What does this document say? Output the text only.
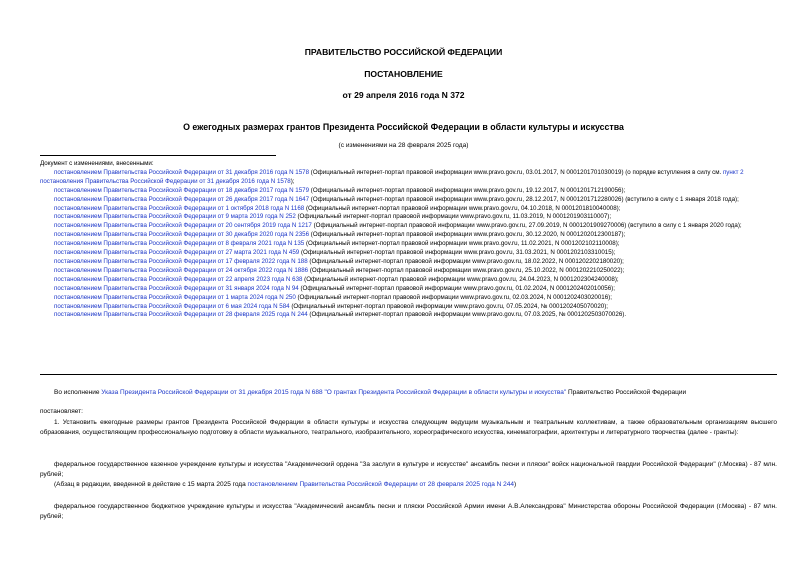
ПРАВИТЕЛЬСТВО РОССИЙСКОЙ ФЕДЕРАЦИИ
ПОСТАНОВЛЕНИЕ
от 29 апреля 2016 года N 372
О ежегодных размерах грантов Президента Российской Федерации в области культуры и искусства
(с изменениями на 28 февраля 2025 года)
Документ с изменениями, внесенными:
постановлением Правительства Российской Федерации от 31 декабря 2016 года N 1578 (Официальный интернет-портал правовой информации www.pravo.gov.ru, 03.01.2017, N 0001201701030019) (о порядке вступления в силу см. пункт 2 постановления Правительства Российской Федерации от 31 декабря 2016 года N 1578);
постановлением Правительства Российской Федерации от 18 декабря 2017 года N 1579 (Официальный интернет-портал правовой информации www.pravo.gov.ru, 19.12.2017, N 0001201712190056);
постановлением Правительства Российской Федерации от 26 декабря 2017 года N 1647 (Официальный интернет-портал правовой информации www.pravo.gov.ru, 28.12.2017, N 0001201712280026) (вступило в силу с 1 января 2018 года);
постановлением Правительства Российской Федерации от 1 октября 2018 года N 1168 (Официальный интернет-портал правовой информации www.pravo.gov.ru, 04.10.2018, N 0001201810040008);
постановлением Правительства Российской Федерации от 9 марта 2019 года N 252 (Официальный интернет-портал правовой информации www.pravo.gov.ru, 11.03.2019, N 0001201903110007);
постановлением Правительства Российской Федерации от 20 сентября 2019 года N 1217 (Официальный интернет-портал правовой информации www.pravo.gov.ru, 27.09.2019, N 0001201909270006) (вступило в силу с 1 января 2020 года);
постановлением Правительства Российской Федерации от 30 декабря 2020 года N 2356 (Официальный интернет-портал правовой информации www.pravo.gov.ru, 30.12.2020, N 0001202012300187);
постановлением Правительства Российской Федерации от 8 февраля 2021 года N 135 (Официальный интернет-портал правовой информации www.pravo.gov.ru, 11.02.2021, N 0001202102110008);
постановлением Правительства Российской Федерации от 27 марта 2021 года N 459 (Официальный интернет-портал правовой информации www.pravo.gov.ru, 31.03.2021, N 0001202103310015);
постановлением Правительства Российской Федерации от 17 февраля 2022 года N 188 (Официальный интернет-портал правовой информации www.pravo.gov.ru, 18.02.2022, N 0001202202180020);
постановлением Правительства Российской Федерации от 24 октября 2022 года N 1886 (Официальный интернет-портал правовой информации www.pravo.gov.ru, 25.10.2022, N 0001202210250022);
постановлением Правительства Российской Федерации от 22 апреля 2023 года N 638 (Официальный интернет-портал правовой информации www.pravo.gov.ru, 24.04.2023, N 0001202304240008);
постановлением Правительства Российской Федерации от 31 января 2024 года N 94 (Официальный интернет-портал правовой информации www.pravo.gov.ru, 01.02.2024, N 0001202402010056);
постановлением Правительства Российской Федерации от 1 марта 2024 года N 250 (Официальный интернет-портал правовой информации www.pravo.gov.ru, 02.03.2024, N 0001202403020016);
постановлением Правительства Российской Федерации от 6 мая 2024 года N 584 (Официальный интернет-портал правовой информации www.pravo.gov.ru, 07.05.2024, № 0001202405070020);
постановлением Правительства Российской Федерации от 28 февраля 2025 года N 244 (Официальный интернет-портал правовой информации www.pravo.gov.ru, 07.03.2025, № 0001202503070026).
Во исполнение Указа Президента Российской Федерации от 31 декабря 2015 года N 688 "О грантах Президента Российской Федерации в области культуры и искусства" Правительство Российской Федерации
постановляет:
1. Установить ежегодные размеры грантов Президента Российской Федерации в области культуры и искусства следующим ведущим музыкальным и театральным коллективам, а также образовательным организациям высшего образования, осуществляющим профессиональную подготовку в области музыкального, театрального, изобразительного, хореографического искусства, кинематографии, архитектуры и литературного творчества (далее - гранты):
федеральное государственное казенное учреждение культуры и искусства "Академический ордена "За заслуги в культуре и искусстве" ансамбль песни и пляски" войск национальной гвардии Российской Федерации" (г.Москва) - 87 млн. рублей;
(Абзац в редакции, введенной в действие с 15 марта 2025 года постановлением Правительства Российской Федерации от 28 февраля 2025 года N 244)
федеральное государственное бюджетное учреждение культуры и искусства "Академический ансамбль песни и пляски Российской Армии имени А.В.Александрова" Министерства обороны Российской Федерации (г.Москва) - 87 млн. рублей;
